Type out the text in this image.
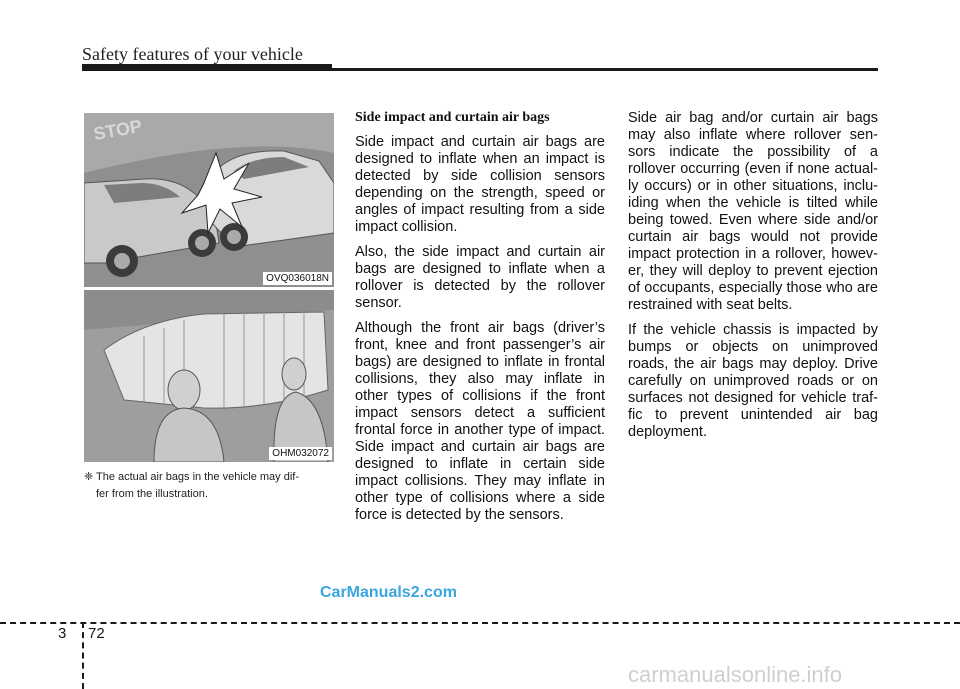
Safety features of your vehicle
STOP
OVQ036018N
OHM032072
❈ The actual air bags in the vehicle may dif-
fer from the illustration.
Side impact and curtain air bags

Side impact and curtain air bags are designed to inflate when an impact is detected by side collision sensors depending on the strength, speed or angles of impact resulting from a side impact collision.

Also, the side impact and curtain air bags are designed to inflate when a rollover is detected by the rollover sensor.

Although the front air bags (driver’s front, knee and front passenger’s air bags) are designed to inflate in frontal collisions, they also may inflate in other types of collisions if the front impact sensors detect a sufficient frontal force in another type of impact. Side impact and curtain air bags are designed to inflate in certain side impact collisions. They may inflate in other type of collisions where a side force is detected by the sensors.

Side air bag and/or curtain air bags may also inflate where rollover sen-sors indicate the possibility of a rollover occurring (even if none actual-ly occurs) or in other situations, inclu-iding when the vehicle is tilted while being towed. Even where side and/or curtain air bags would not provide impact protection in a rollover, howev-er, they will deploy to prevent ejection of occupants, especially those who are restrained with seat belts.

If the vehicle chassis is impacted by bumps or objects on unimproved roads, the air bags may deploy. Drive carefully on unimproved roads or on surfaces not designed for vehicle traf-fic to prevent unintended air bag deployment.

CarManuals2.com
3 72
carmanualsonline.info
